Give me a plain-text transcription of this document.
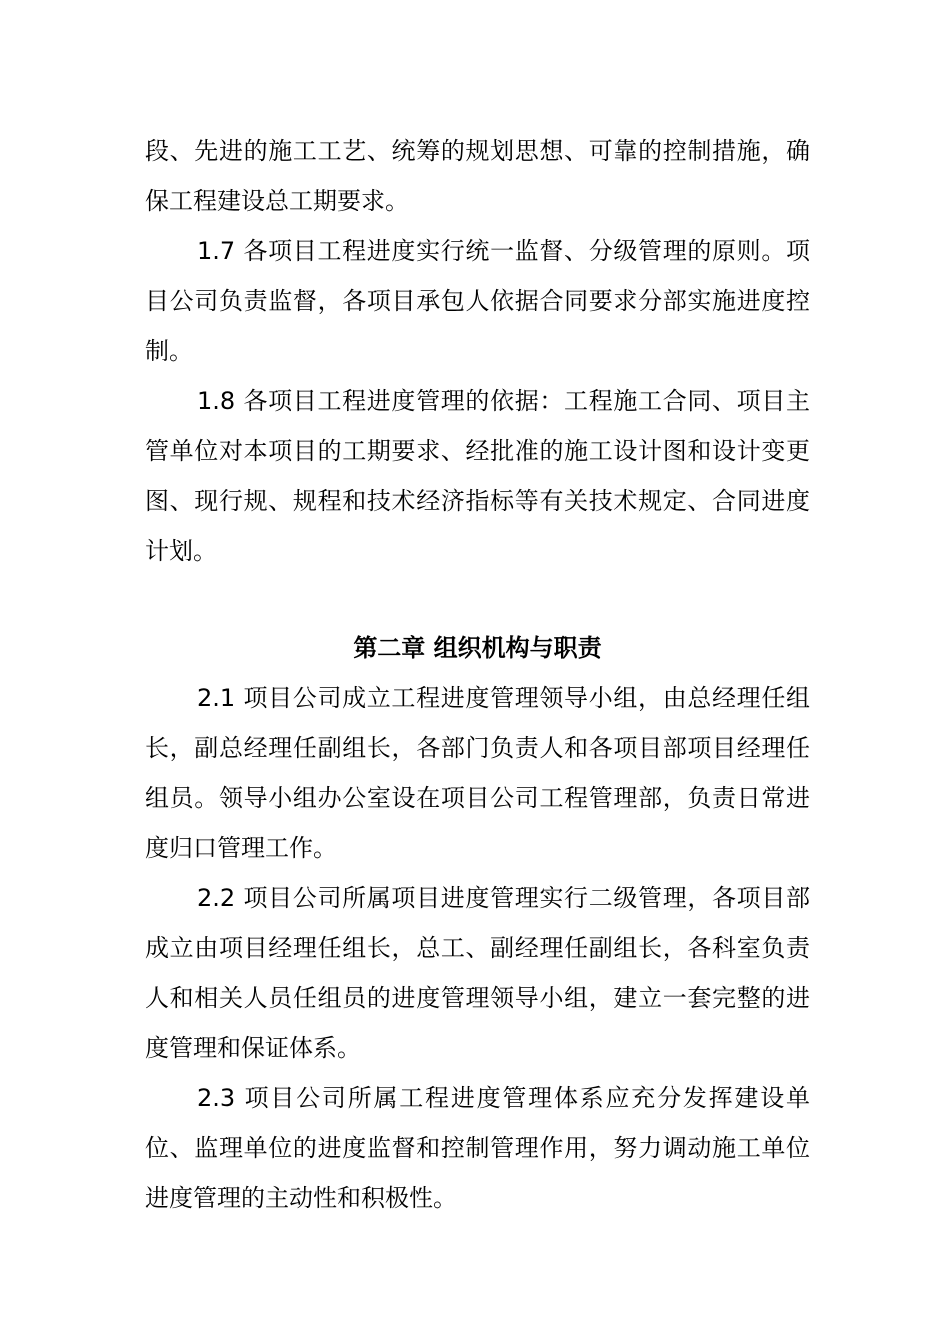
段、先进的施工工艺、统筹的规划思想、可靠的控制措施，确保工程建设总工期要求。

1.7 各项目工程进度实行统一监督、分级管理的原则。项目公司负责监督，各项目承包人依据合同要求分部实施进度控制。

1.8 各项目工程进度管理的依据：工程施工合同、项目主管单位对本项目的工期要求、经批准的施工设计图和设计变更图、现行规、规程和技术经济指标等有关技术规定、合同进度计划。

第二章 组织机构与职责

2.1 项目公司成立工程进度管理领导小组，由总经理任组长，副总经理任副组长，各部门负责人和各项目部项目经理任组员。领导小组办公室设在项目公司工程管理部，负责日常进度归口管理工作。

2.2 项目公司所属项目进度管理实行二级管理，各项目部成立由项目经理任组长，总工、副经理任副组长，各科室负责人和相关人员任组员的进度管理领导小组，建立一套完整的进度管理和保证体系。

2.3 项目公司所属工程进度管理体系应充分发挥建设单位、监理单位的进度监督和控制管理作用，努力调动施工单位进度管理的主动性和积极性。
